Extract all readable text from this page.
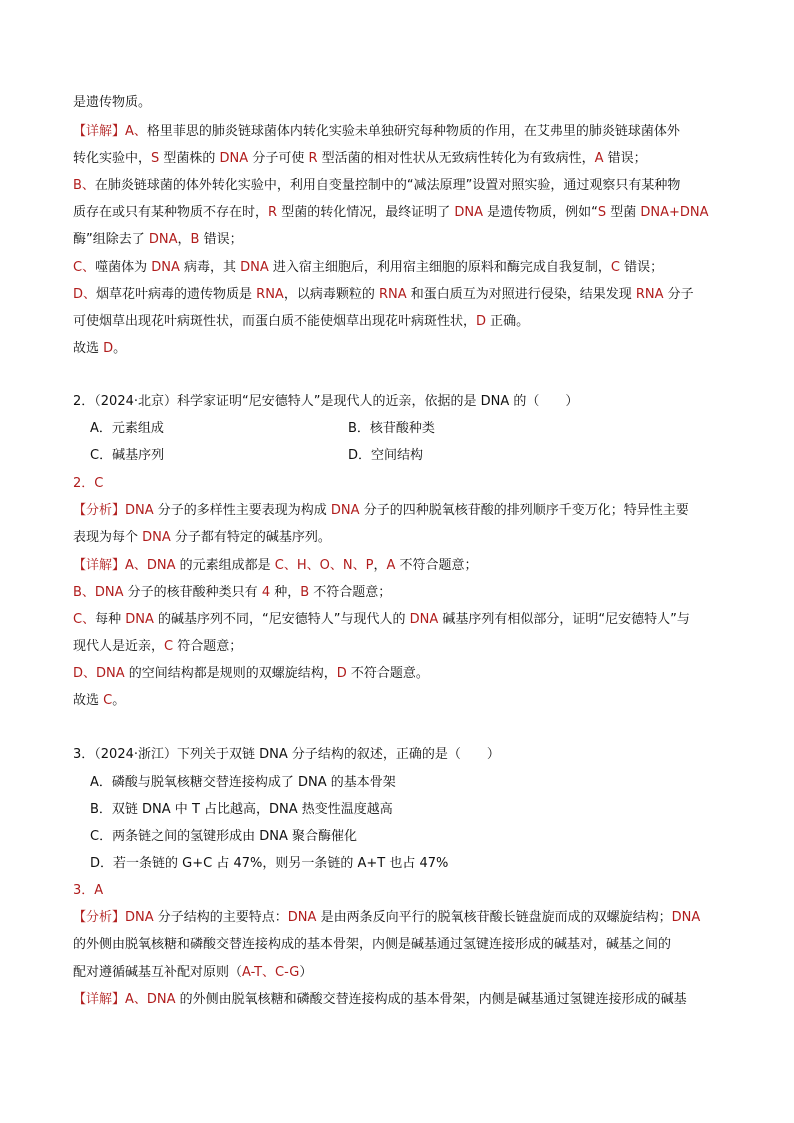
是遗传物质。
【详解】A、格里菲思的肺炎链球菌体内转化实验未单独研究每种物质的作用，在艾弗里的肺炎链球菌体外
转化实验中，S 型菌株的 DNA 分子可使 R 型活菌的相对性状从无致病性转化为有致病性，A 错误；
B、在肺炎链球菌的体外转化实验中，利用自变量控制中的“减法原理”设置对照实验，通过观察只有某种物
质存在或只有某种物质不存在时，R 型菌的转化情况，最终证明了 DNA 是遗传物质，例如“S 型菌 DNA+DNA
酶”组除去了 DNA，B 错误；
C、噬菌体为 DNA 病毒，其 DNA 进入宿主细胞后，利用宿主细胞的原料和酶完成自我复制，C 错误；
D、烟草花叶病毒的遗传物质是 RNA，以病毒颗粒的 RNA 和蛋白质互为对照进行侵染，结果发现 RNA 分子
可使烟草出现花叶病斑性状，而蛋白质不能使烟草出现花叶病斑性状，D 正确。
故选 D。
2．（2024·北京）科学家证明“尼安德特人”是现代人的近亲，依据的是 DNA 的（　　）
2．C
【分析】DNA 分子的多样性主要表现为构成 DNA 分子的四种脱氧核苷酸的排列顺序千变万化；特异性主要
表现为每个 DNA 分子都有特定的碱基序列。
【详解】A、DNA 的元素组成都是 C、H、O、N、P，A 不符合题意；
B、DNA 分子的核苷酸种类只有 4 种，B 不符合题意；
C、每种 DNA 的碱基序列不同，“尼安德特人”与现代人的 DNA 碱基序列有相似部分，证明“尼安德特人”与
现代人是近亲，C 符合题意；
D、DNA 的空间结构都是规则的双螺旋结构，D 不符合题意。
故选 C。
3．（2024·浙江）下列关于双链 DNA 分子结构的叙述，正确的是（　　）
A．磷酸与脱氧核糖交替连接构成了 DNA 的基本骨架
B．双链 DNA 中 T 占比越高，DNA 热变性温度越高
C．两条链之间的氢键形成由 DNA 聚合酶催化
D．若一条链的 G+C 占 47%，则另一条链的 A+T 也占 47%
3．A
【分析】DNA 分子结构的主要特点：DNA 是由两条反向平行的脱氧核苷酸长链盘旋而成的双螺旋结构；DNA
的外侧由脱氧核糖和磷酸交替连接构成的基本骨架，内侧是碱基通过氢键连接形成的碱基对，碱基之间的
配对遵循碱基互补配对原则（A-T、C-G）
【详解】A、DNA 的外侧由脱氧核糖和磷酸交替连接构成的基本骨架，内侧是碱基通过氢键连接形成的碱基
A．元素组成	B．核苷酸种类
C．碱基序列	D．空间结构
